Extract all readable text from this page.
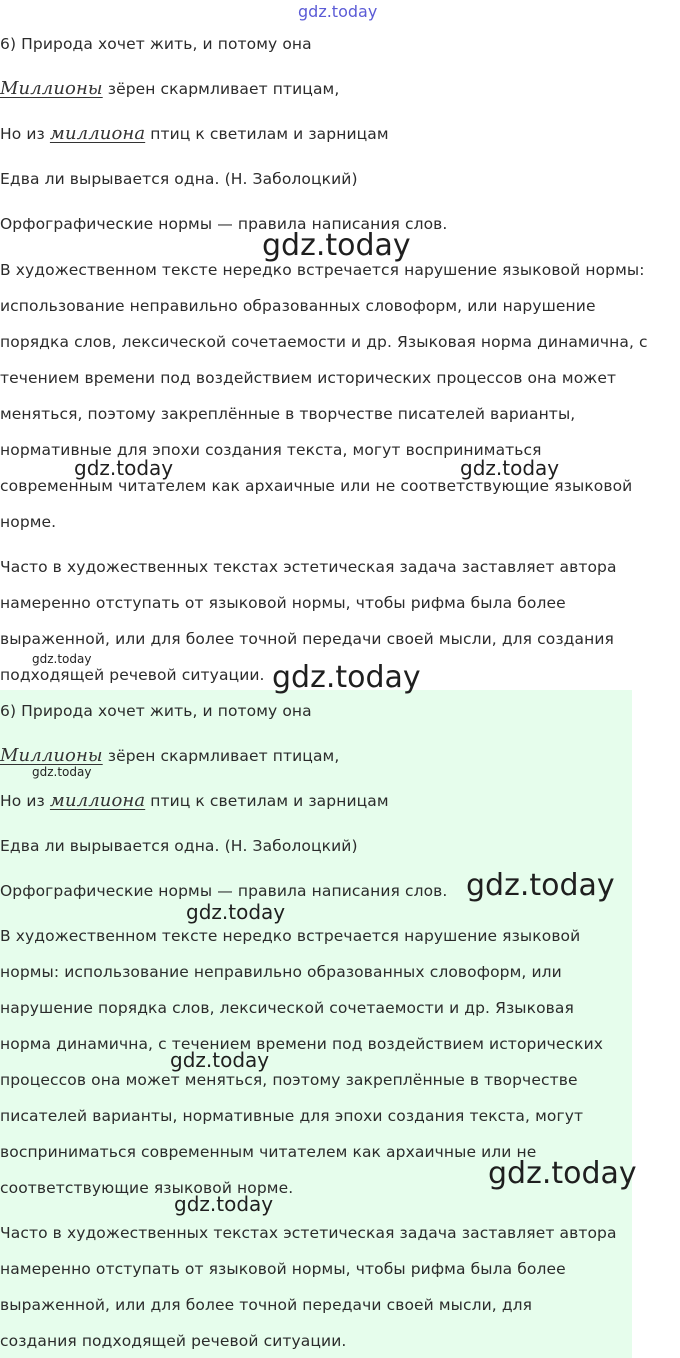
6) Природа хочет жить, и потому она

Миллионы зёрен скармливает птицам,

Но из миллиона птиц к светилам и зарницам

Едва ли вырывается одна. (Н. Заболоцкий)

Орфографические нормы — правила написания слов.

В художественном тексте нередко встречается нарушение языковой нормы:

использование неправильно образованных словоформ, или нарушение

порядка слов, лексической сочетаемости и др. Языковая норма динамична, с

течением времени под воздействием исторических процессов она может

меняться, поэтому закреплённые в творчестве писателей варианты,

нормативные для эпохи создания текста, могут восприниматься

современным читателем как архаичные или не соответствующие языковой

норме.

Часто в художественных текстах эстетическая задача заставляет автора

намеренно отступать от языковой нормы, чтобы рифма была более

выраженной, или для более точной передачи своей мысли, для создания

подходящей речевой ситуации.

6) Природа хочет жить, и потому она

Миллионы зёрен скармливает птицам,

Но из миллиона птиц к светилам и зарницам

Едва ли вырывается одна. (Н. Заболоцкий)

Орфографические нормы — правила написания слов.

В художественном тексте нередко встречается нарушение языковой

нормы: использование неправильно образованных словоформ, или

нарушение порядка слов, лексической сочетаемости и др. Языковая

норма динамична, с течением времени под воздействием исторических

процессов она может меняться, поэтому закреплённые в творчестве

писателей варианты, нормативные для эпохи создания текста, могут

восприниматься современным читателем как архаичные или не

соответствующие языковой норме.

Часто в художественных текстах эстетическая задача заставляет автора

намеренно отступать от языковой нормы, чтобы рифма была более

выраженной, или для более точной передачи своей мысли, для

создания подходящей речевой ситуации.

gdz.today
gdz.today
gdz.today	gdz.today
gdz.today
gdz.today
gdz.today
gdz.today
gdz.today
gdz.today
gdz.today
gdz.today
